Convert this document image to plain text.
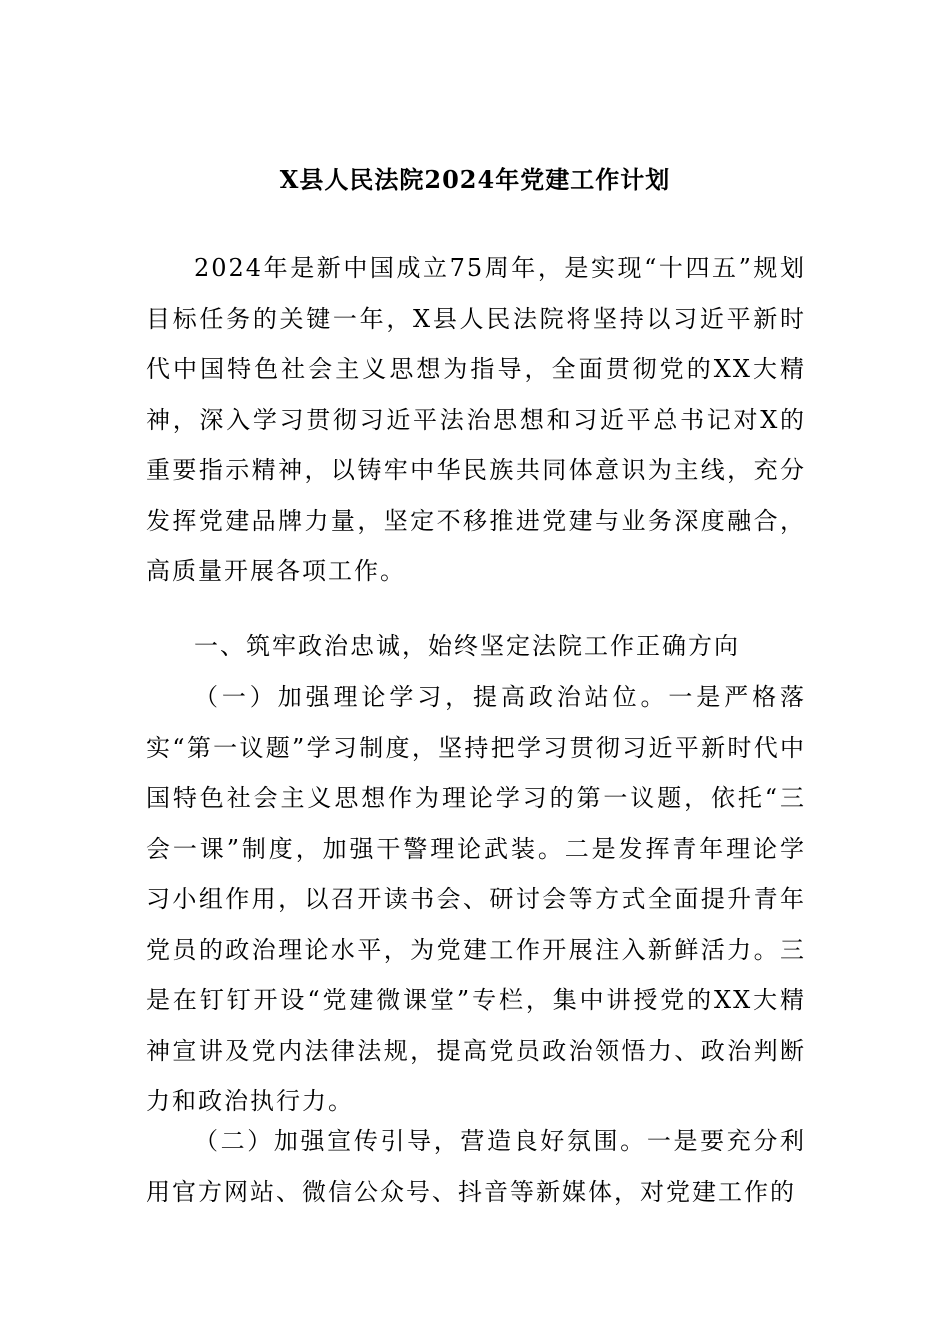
X县人民法院2024年党建工作计划
2024年是新中国成立75周年，是实现“十四五”规划目标任务的关键一年，X县人民法院将坚持以习近平新时代中国特色社会主义思想为指导，全面贯彻党的XX大精神，深入学习贯彻习近平法治思想和习近平总书记对X的重要指示精神，以铸牢中华民族共同体意识为主线，充分发挥党建品牌力量，坚定不移推进党建与业务深度融合，高质量开展各项工作。
一、筑牢政治忠诚，始终坚定法院工作正确方向
（一）加强理论学习，提高政治站位。一是严格落实“第一议题”学习制度，坚持把学习贯彻习近平新时代中国特色社会主义思想作为理论学习的第一议题，依托“三会一课”制度，加强干警理论武装。二是发挥青年理论学习小组作用，以召开读书会、研讨会等方式全面提升青年党员的政治理论水平，为党建工作开展注入新鲜活力。三是在钉钉开设“党建微课堂”专栏，集中讲授党的XX大精神宣讲及党内法律法规，提高党员政治领悟力、政治判断力和政治执行力。
（二）加强宣传引导，营造良好氛围。一是要充分利用官方网站、微信公众号、抖音等新媒体，对党建工作的
